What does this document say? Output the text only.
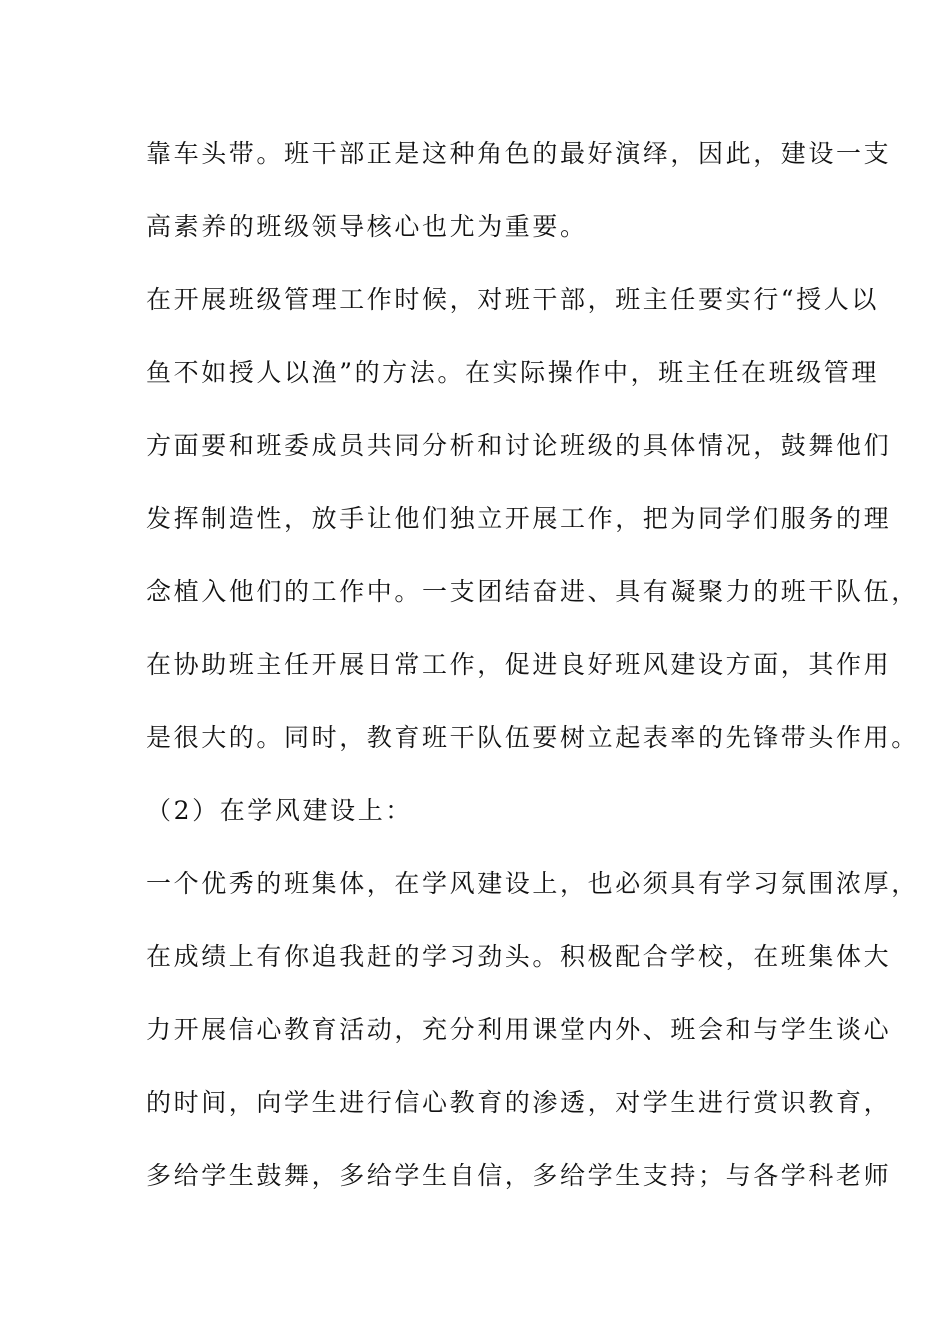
靠车头带。班干部正是这种角色的最好演绎，因此，建设一支
高素养的班级领导核心也尤为重要。
在开展班级管理工作时候，对班干部，班主任要实行“授人以
鱼不如授人以渔”的方法。在实际操作中，班主任在班级管理
方面要和班委成员共同分析和讨论班级的具体情况，鼓舞他们
发挥制造性，放手让他们独立开展工作，把为同学们服务的理
念植入他们的工作中。一支团结奋进、具有凝聚力的班干队伍，
在协助班主任开展日常工作，促进良好班风建设方面，其作用
是很大的。同时，教育班干队伍要树立起表率的先锋带头作用。
（2）在学风建设上：
一个优秀的班集体，在学风建设上，也必须具有学习氛围浓厚，
在成绩上有你追我赶的学习劲头。积极配合学校，在班集体大
力开展信心教育活动，充分利用课堂内外、班会和与学生谈心
的时间，向学生进行信心教育的渗透，对学生进行赏识教育，
多给学生鼓舞，多给学生自信，多给学生支持；与各学科老师
